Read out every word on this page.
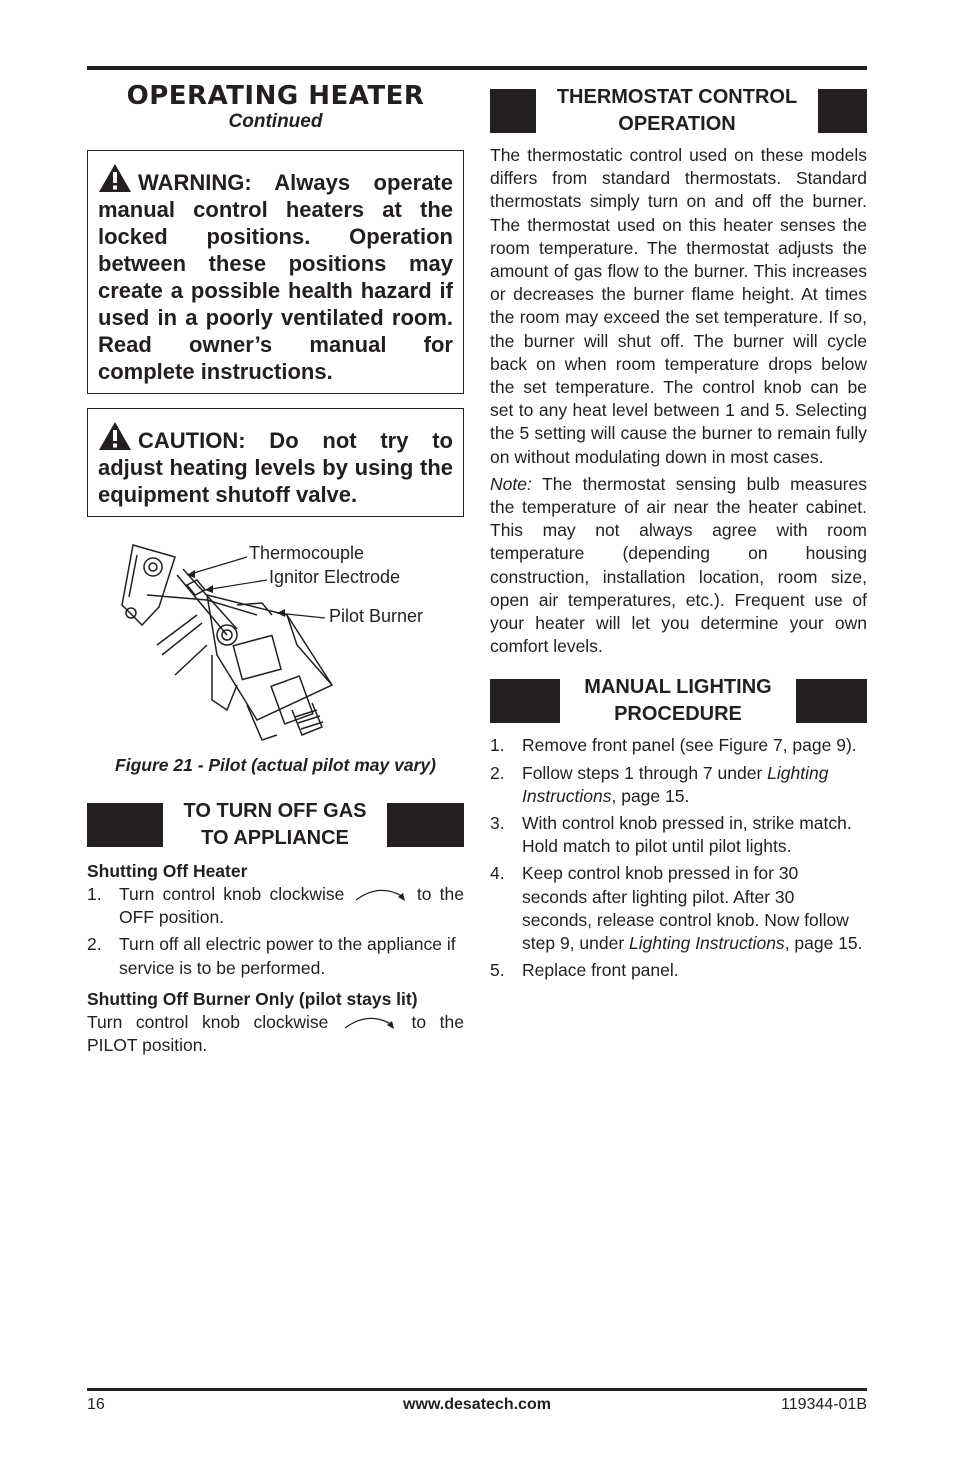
OPERATING HEATER
Continued
WARNING: Always operate manual control heaters at the locked positions. Operation between these positions may create a possible health hazard if used in a poorly ventilated room. Read owner’s manual for complete instructions.
CAUTION: Do not try to adjust heating levels by using the equipment shutoff valve.
Thermocouple
Ignitor Electrode
Pilot Burner
Figure 21 - Pilot (actual pilot may vary)
TO TURN OFF GAS
TO APPLIANCE
Shutting Off Heater
1. Turn control knob clockwise	to the OFF position.
2. Turn off all electric power to the appliance if service is to be performed.
Shutting Off Burner Only (pilot stays lit)
Turn control knob clockwise	to the PILOT position.
THERMOSTAT CONTROL
OPERATION
The thermostatic control used on these models differs from standard thermostats. Standard thermostats simply turn on and off the burner. The thermostat used on this heater senses the room temperature. The thermostat adjusts the amount of gas flow to the burner. This increases or decreases the burner flame height. At times the room may exceed the set temperature. If so, the burner will shut off. The burner will cycle back on when room temperature drops below the set temperature. The control knob can be set to any heat level between 1 and 5. Selecting the 5 setting will cause the burner to remain fully on without modulating down in most cases.
Note: The thermostat sensing bulb measures the temperature of air near the heater cabinet. This may not always agree with room temperature (depending on housing construction, installation location, room size, open air temperatures, etc.). Frequent use of your heater will let you determine your own comfort levels.
MANUAL LIGHTING
PROCEDURE
1. Remove front panel (see Figure 7, page 9).
2. Follow steps 1 through 7 under Lighting Instructions, page 15.
3. With control knob pressed in, strike match. Hold match to pilot until pilot lights.
4. Keep control knob pressed in for 30 seconds after lighting pilot. After 30 seconds, release control knob. Now follow step 9, under Lighting Instructions, page 15.
5. Replace front panel.
16	www.desatech.com	119344-01B
